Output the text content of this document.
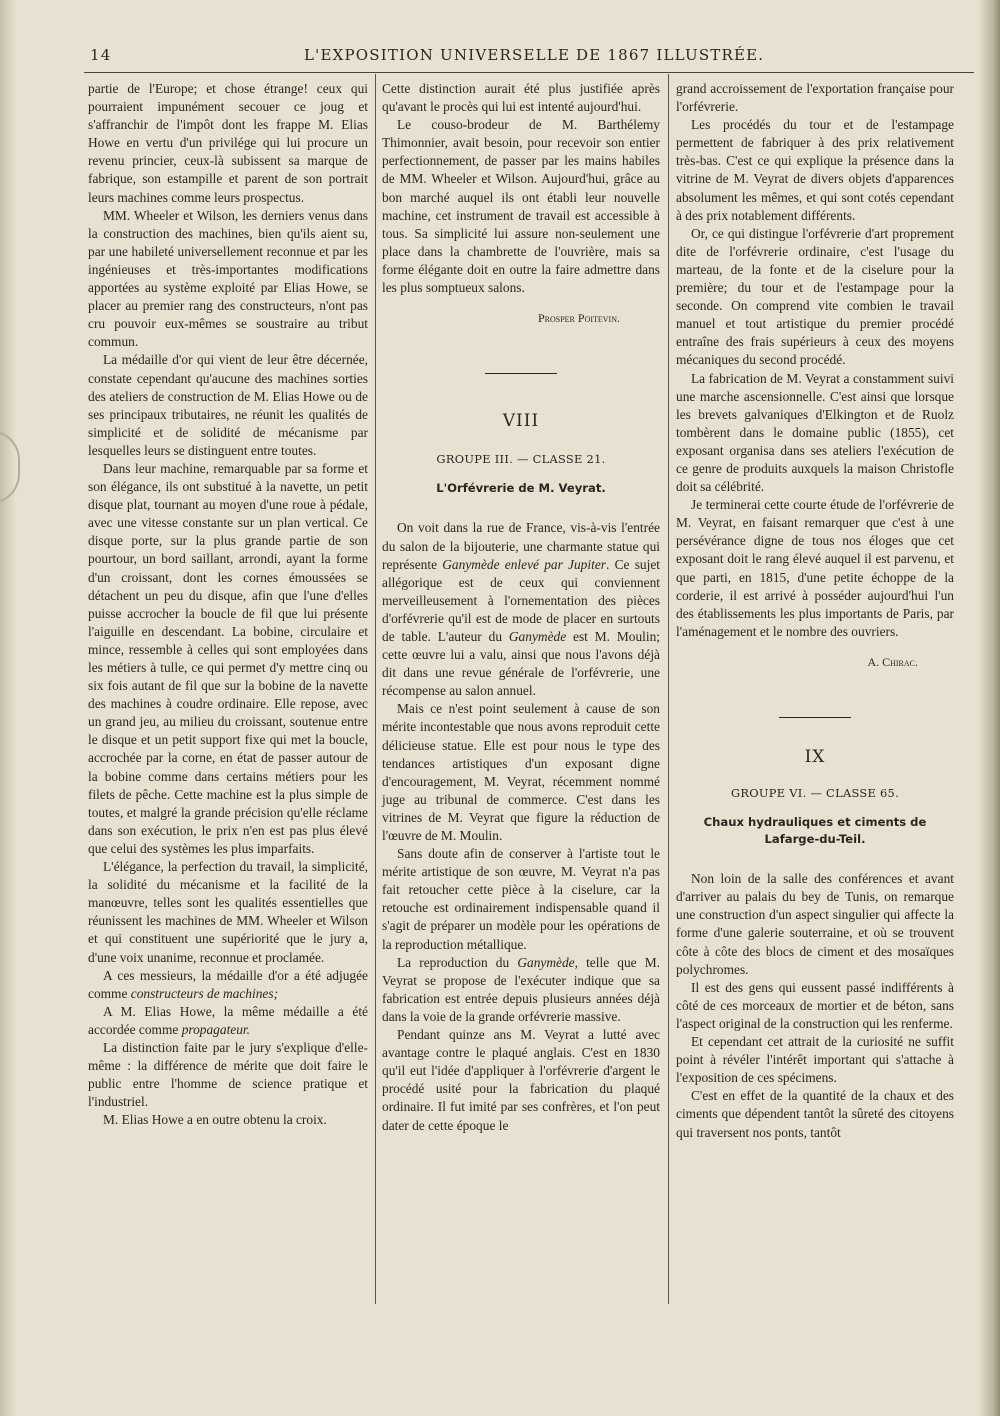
14	L'EXPOSITION UNIVERSELLE DE 1867 ILLUSTRÉE.

partie de l'Europe; et chose étrange! ceux qui pourraient impunément secouer ce joug et s'affranchir de l'impôt dont les frappe M. Elias Howe en vertu d'un privilége qui lui procure un revenu princier, ceux-là subissent sa marque de fabrique, son estampille et parent de son portrait leurs machines comme leurs prospectus.

MM. Wheeler et Wilson, les derniers venus dans la construction des machines, bien qu'ils aient su, par une habileté universellement reconnue et par les ingénieuses et très-importantes modifications apportées au système exploité par Elias Howe, se placer au premier rang des constructeurs, n'ont pas cru pouvoir eux-mêmes se soustraire au tribut commun.

La médaille d'or qui vient de leur être décernée, constate cependant qu'aucune des machines sorties des ateliers de construction de M. Elias Howe ou de ses principaux tributaires, ne réunit les qualités de simplicité et de solidité de mécanisme par lesquelles leurs se distinguent entre toutes.

Dans leur machine, remarquable par sa forme et son élégance, ils ont substitué à la navette, un petit disque plat, tournant au moyen d'une roue à pédale, avec une vitesse constante sur un plan vertical. Ce disque porte, sur la plus grande partie de son pourtour, un bord saillant, arrondi, ayant la forme d'un croissant, dont les cornes émoussées se détachent un peu du disque, afin que l'une d'elles puisse accrocher la boucle de fil que lui présente l'aiguille en descendant. La bobine, circulaire et mince, ressemble à celles qui sont employées dans les métiers à tulle, ce qui permet d'y mettre cinq ou six fois autant de fil que sur la bobine de la navette des machines à coudre ordinaire. Elle repose, avec un grand jeu, au milieu du croissant, soutenue entre le disque et un petit support fixe qui met la boucle, accrochée par la corne, en état de passer autour de la bobine comme dans certains métiers pour les filets de pêche. Cette machine est la plus simple de toutes, et malgré la grande précision qu'elle réclame dans son exécution, le prix n'en est pas plus élevé que celui des systèmes les plus imparfaits.

L'élégance, la perfection du travail, la simplicité, la solidité du mécanisme et la facilité de la manœuvre, telles sont les qualités essentielles que réunissent les machines de MM. Wheeler et Wilson et qui constituent une supériorité que le jury a, d'une voix unanime, reconnue et proclamée.

A ces messieurs, la médaille d'or a été adjugée comme constructeurs de machines;

A M. Elias Howe, la même médaille a été accordée comme propagateur.

La distinction faite par le jury s'explique d'elle-même : la différence de mérite que doit faire le public entre l'homme de science pratique et l'industriel.

M. Elias Howe a en outre obtenu la croix.

Cette distinction aurait été plus justifiée après qu'avant le procès qui lui est intenté aujourd'hui.

Le couso-brodeur de M. Barthélemy Thimonnier, avait besoin, pour recevoir son entier perfectionnement, de passer par les mains habiles de MM. Wheeler et Wilson. Aujourd'hui, grâce au bon marché auquel ils ont établi leur nouvelle machine, cet instrument de travail est accessible à tous. Sa simplicité lui assure non-seulement une place dans la chambrette de l'ouvrière, mais sa forme élégante doit en outre la faire admettre dans les plus somptueux salons.

Prosper Poitevin.

VIII
GROUPE III. — CLASSE 21.
L'Orfévrerie de M. Veyrat.

On voit dans la rue de France, vis-à-vis l'entrée du salon de la bijouterie, une charmante statue qui représente Ganymède enlevé par Jupiter. Ce sujet allégorique est de ceux qui conviennent merveilleusement à l'ornementation des pièces d'orfévrerie qu'il est de mode de placer en surtouts de table. L'auteur du Ganymède est M. Moulin; cette œuvre lui a valu, ainsi que nous l'avons déjà dit dans une revue générale de l'orfévrerie, une récompense au salon annuel.

Mais ce n'est point seulement à cause de son mérite incontestable que nous avons reproduit cette délicieuse statue. Elle est pour nous le type des tendances artistiques d'un exposant digne d'encouragement, M. Veyrat, récemment nommé juge au tribunal de commerce. C'est dans les vitrines de M. Veyrat que figure la réduction de l'œuvre de M. Moulin.

Sans doute afin de conserver à l'artiste tout le mérite artistique de son œuvre, M. Veyrat n'a pas fait retoucher cette pièce à la ciselure, car la retouche est ordinairement indispensable quand il s'agit de préparer un modèle pour les opérations de la reproduction métallique.

La reproduction du Ganymède, telle que M. Veyrat se propose de l'exécuter indique que sa fabrication est entrée depuis plusieurs années déjà dans la voie de la grande orfévrerie massive.

Pendant quinze ans M. Veyrat a lutté avec avantage contre le plaqué anglais. C'est en 1830 qu'il eut l'idée d'appliquer à l'orfévrerie d'argent le procédé usité pour la fabrication du plaqué ordinaire. Il fut imité par ses confrères, et l'on peut dater de cette époque le

grand accroissement de l'exportation française pour l'orfévrerie.

Les procédés du tour et de l'estampage permettent de fabriquer à des prix relativement très-bas. C'est ce qui explique la présence dans la vitrine de M. Veyrat de divers objets d'apparences absolument les mêmes, et qui sont cotés cependant à des prix notablement différents.

Or, ce qui distingue l'orfévrerie d'art proprement dite de l'orfévrerie ordinaire, c'est l'usage du marteau, de la fonte et de la ciselure pour la première; du tour et de l'estampage pour la seconde. On comprend vite combien le travail manuel et tout artistique du premier procédé entraîne des frais supérieurs à ceux des moyens mécaniques du second procédé.

La fabrication de M. Veyrat a constamment suivi une marche ascensionnelle. C'est ainsi que lorsque les brevets galvaniques d'Elkington et de Ruolz tombèrent dans le domaine public (1855), cet exposant organisa dans ses ateliers l'exécution de ce genre de produits auxquels la maison Christofle doit sa célébrité.

Je terminerai cette courte étude de l'orfévrerie de M. Veyrat, en faisant remarquer que c'est à une persévérance digne de tous nos éloges que cet exposant doit le rang élevé auquel il est parvenu, et que parti, en 1815, d'une petite échoppe de la corderie, il est arrivé à posséder aujourd'hui l'un des établissements les plus importants de Paris, par l'aménagement et le nombre des ouvriers.

A. Chirac.

IX
GROUPE VI. — CLASSE 65.
Chaux hydrauliques et ciments de Lafarge-du-Teil.

Non loin de la salle des conférences et avant d'arriver au palais du bey de Tunis, on remarque une construction d'un aspect singulier qui affecte la forme d'une galerie souterraine, et où se trouvent côte à côte des blocs de ciment et des mosaïques polychromes.

Il est des gens qui eussent passé indifférents à côté de ces morceaux de mortier et de béton, sans l'aspect original de la construction qui les renferme.

Et cependant cet attrait de la curiosité ne suffit point à révéler l'intérêt important qui s'attache à l'exposition de ces spécimens.

C'est en effet de la quantité de la chaux et des ciments que dépendent tantôt la sûreté des citoyens qui traversent nos ponts, tantôt
